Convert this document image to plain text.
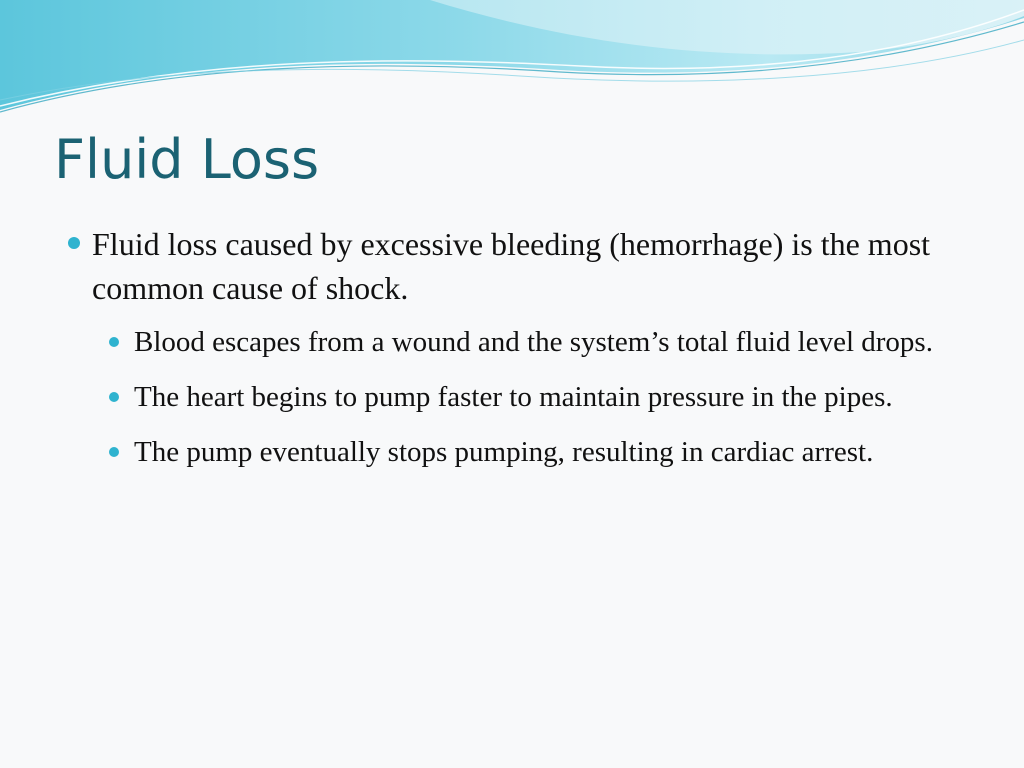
Fluid Loss
Fluid loss caused by excessive bleeding (hemorrhage) is the most common cause of shock.
Blood escapes from a wound and the system’s total fluid level drops.
The heart begins to pump faster to maintain pressure in the pipes.
The pump eventually stops pumping, resulting in cardiac arrest.
